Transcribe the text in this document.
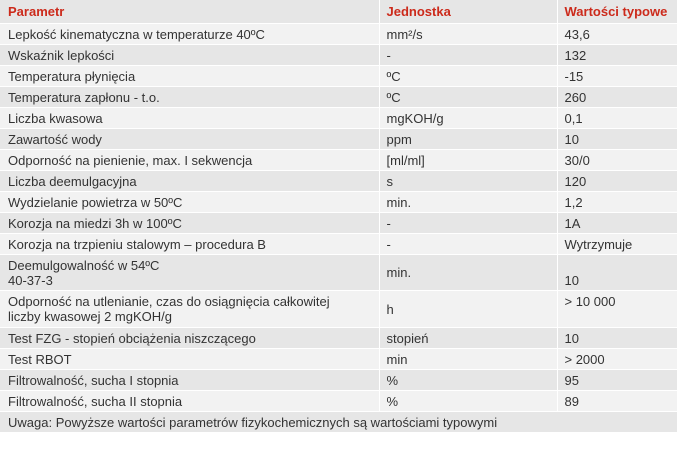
Parametr	Jednostka	Wartości typowe
Lepkość kinematyczna w temperaturze 40ºC	mm²/s	43,6
Wskaźnik lepkości	-	132
Temperatura płynięcia	ºC	-15
Temperatura zapłonu - t.o.	ºC	260
Liczba kwasowa	mgKOH/g	0,1
Zawartość wody	ppm	10
Odporność na pienienie, max. I sekwencja	[ml/ml]	30/0
Liczba deemulgacyjna	s	120
Wydzielanie powietrza w 50ºC	min.	1,2
Korozja na miedzi 3h w 100ºC	-	1A
Korozja na trzpieniu stalowym – procedura B	-	Wytrzymuje

Deemulgowalność w 54ºC
40-37-3	min.	10

Odporność na utlenianie, czas do osiągnięcia całkowitej
liczby kwasowej 2 mgKOH/g	h	> 10 000
Test FZG - stopień obciążenia niszczącego	stopień	10
Test RBOT	min	> 2000
Filtrowalność, sucha I stopnia	%	95
Filtrowalność, sucha II stopnia	%	89
Uwaga: Powyższe wartości parametrów fizykochemicznych są wartościami typowymi		
